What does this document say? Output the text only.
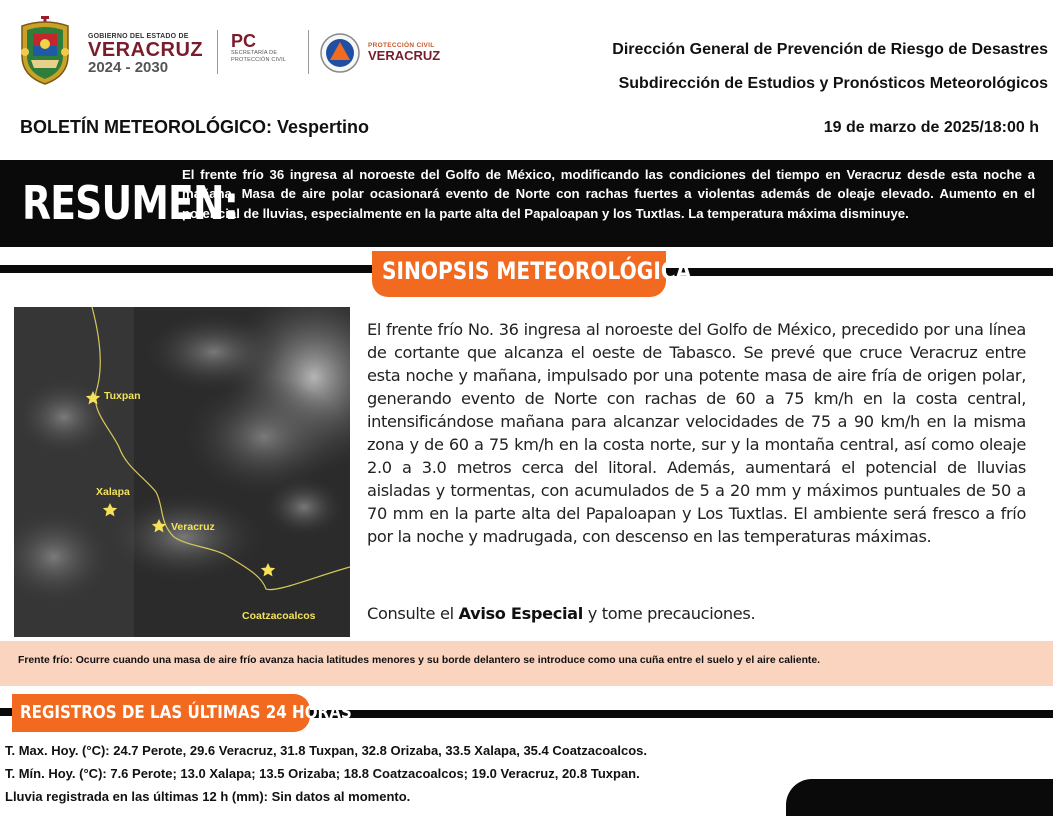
GOBIERNO DEL ESTADO DE
VERACRUZ
2024 - 2030
PC
SECRETARÍA DE
PROTECCIÓN CIVIL
PROTECCIÓN CIVIL
VERACRUZ	Dirección General de Prevención de Riesgo de Desastres
Subdirección de Estudios y Pronósticos Meteorológicos
BOLETÍN METEOROLÓGICO: Vespertino	19 de marzo de 2025/18:00 h
RESUMEN:
El frente frío 36 ingresa al noroeste del Golfo de México, modificando las condiciones del tiempo en Veracruz desde esta noche a mañana. Masa de aire polar ocasionará evento de Norte con rachas fuertes a violentas además de oleaje elevado. Aumento en el potencial de lluvias, especialmente en la parte alta del Papaloapan y los Tuxtlas. La temperatura máxima disminuye.
SINOPSIS METEOROLÓGICA
Tuxpan
Xalapa
Veracruz
Coatzacoalcos
El frente frío No. 36 ingresa al noroeste del Golfo de México, precedido por una línea de cortante que alcanza el oeste de Tabasco. Se prevé que cruce Veracruz entre esta noche y mañana, impulsado por una potente masa de aire fría de origen polar, generando evento de Norte con rachas de 60 a 75 km/h en la costa central, intensificándose mañana para alcanzar velocidades de 75 a 90 km/h en la misma zona y de 60 a 75 km/h en la costa norte, sur y la montaña central, así como oleaje 2.0 a 3.0 metros cerca del litoral. Además, aumentará el potencial de lluvias aisladas y tormentas, con acumulados de 5 a 20 mm y máximos puntuales de 50 a 70 mm en la parte alta del Papaloapan y Los Tuxtlas. El ambiente será fresco a frío por la noche y madrugada, con descenso en las temperaturas máximas.
Consulte el Aviso Especial y tome precauciones.
Frente frío: Ocurre cuando una masa de aire frío avanza hacia latitudes menores y su borde delantero se introduce como una cuña entre el suelo y el aire caliente.
REGISTROS DE LAS ÚLTIMAS 24 HORAS
T. Max. Hoy. (°C): 24.7 Perote, 29.6 Veracruz, 31.8 Tuxpan, 32.8 Orizaba, 33.5 Xalapa, 35.4 Coatzacoalcos.
T. Mín. Hoy. (°C): 7.6 Perote; 13.0 Xalapa; 13.5 Orizaba; 18.8 Coatzacoalcos; 19.0 Veracruz, 20.8 Tuxpan.
Lluvia registrada en las últimas 12 h (mm): Sin datos al momento.
